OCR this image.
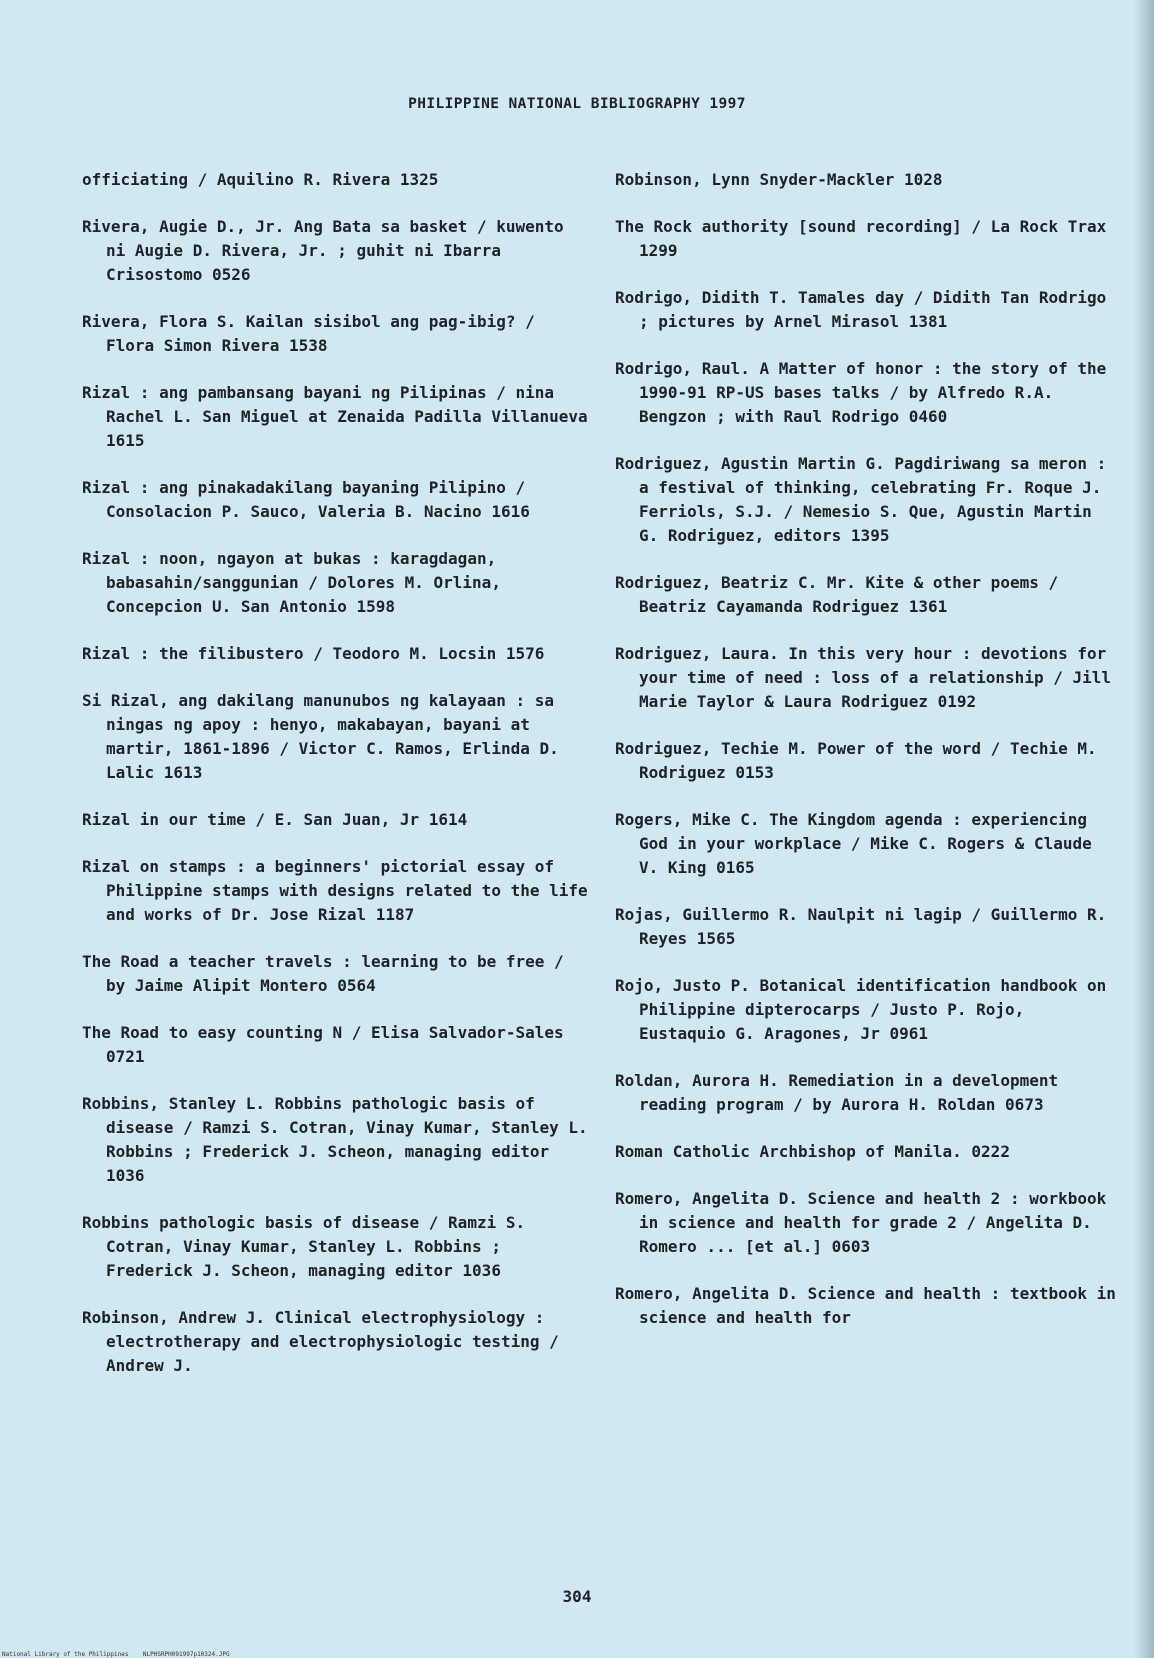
PHILIPPINE NATIONAL BIBLIOGRAPHY 1997

officiating / Aquilino R. Rivera 1325

Rivera, Augie D., Jr. Ang Bata sa basket / kuwento ni Augie D. Rivera, Jr. ; guhit ni Ibarra Crisostomo 0526

Rivera, Flora S. Kailan sisibol ang pag-ibig? / Flora Simon Rivera 1538

Rizal : ang pambansang bayani ng Pilipinas / nina Rachel L. San Miguel at Zenaida Padilla Villanueva 1615

Rizal : ang pinakadakilang bayaning Pilipino / Consolacion P. Sauco, Valeria B. Nacino 1616

Rizal : noon, ngayon at bukas : karagdagan, babasahin/sanggunian / Dolores M. Orlina, Concepcion U. San Antonio 1598

Rizal : the filibustero / Teodoro M. Locsin 1576

Si Rizal, ang dakilang manunubos ng kalayaan : sa ningas ng apoy : henyo, makabayan, bayani at martir, 1861-1896 / Victor C. Ramos, Erlinda D. Lalic 1613

Rizal in our time / E. San Juan, Jr 1614

Rizal on stamps : a beginners' pictorial essay of Philippine stamps with designs related to the life and works of Dr. Jose Rizal 1187

The Road a teacher travels : learning to be free / by Jaime Alipit Montero 0564

The Road to easy counting N / Elisa Salvador-Sales 0721

Robbins, Stanley L. Robbins pathologic basis of disease / Ramzi S. Cotran, Vinay Kumar, Stanley L. Robbins ; Frederick J. Scheon, managing editor 1036

Robbins pathologic basis of disease / Ramzi S. Cotran, Vinay Kumar, Stanley L. Robbins ; Frederick J. Scheon, managing editor 1036

Robinson, Andrew J. Clinical electrophysiology : electrotherapy and electrophysiologic testing / Andrew J.

Robinson, Lynn Snyder-Mackler 1028

The Rock authority [sound recording] / La Rock Trax 1299

Rodrigo, Didith T. Tamales day / Didith Tan Rodrigo ; pictures by Arnel Mirasol 1381

Rodrigo, Raul. A Matter of honor : the story of the 1990-91 RP-US bases talks / by Alfredo R.A. Bengzon ; with Raul Rodrigo 0460

Rodriguez, Agustin Martin G. Pagdiriwang sa meron : a festival of thinking, celebrating Fr. Roque J. Ferriols, S.J. / Nemesio S. Que, Agustin Martin G. Rodriguez, editors 1395

Rodriguez, Beatriz C. Mr. Kite & other poems / Beatriz Cayamanda Rodriguez 1361

Rodriguez, Laura. In this very hour : devotions for your time of need : loss of a relationship / Jill Marie Taylor & Laura Rodriguez 0192

Rodriguez, Techie M. Power of the word / Techie M. Rodriguez 0153

Rogers, Mike C. The Kingdom agenda : experiencing God in your workplace / Mike C. Rogers & Claude V. King 0165

Rojas, Guillermo R. Naulpit ni lagip / Guillermo R. Reyes 1565

Rojo, Justo P. Botanical identification handbook on Philippine dipterocarps / Justo P. Rojo, Eustaquio G. Aragones, Jr 0961

Roldan, Aurora H. Remediation in a development reading program / by Aurora H. Roldan 0673

Roman Catholic Archbishop of Manila. 0222

Romero, Angelita D. Science and health 2 : workbook in science and health for grade 2 / Angelita D. Romero ... [et al.] 0603

Romero, Angelita D. Science and health : textbook in science and health for

304
National Library of the Philippines    NLPHSRPH091997p10324.JPG
